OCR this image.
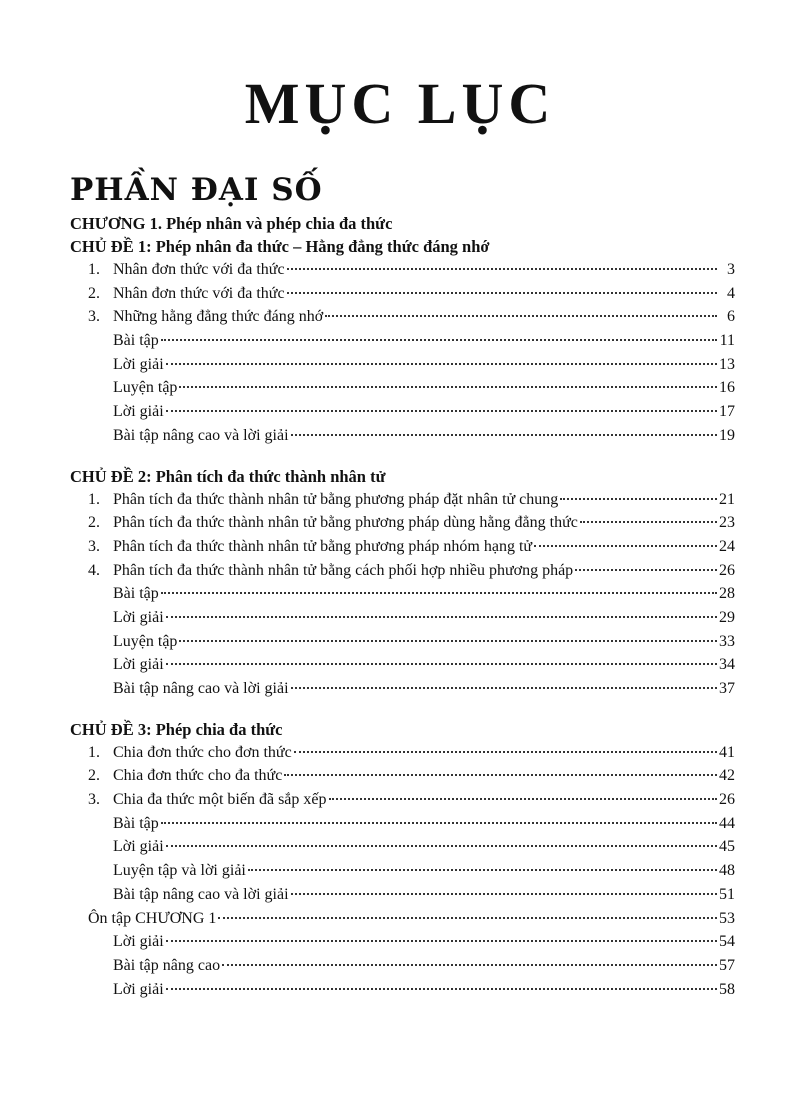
MỤC LỤC
PHẦN ĐẠI SỐ
CHƯƠNG 1. Phép nhân và phép chia đa thức
CHỦ ĐỀ 1: Phép nhân đa thức – Hằng đẳng thức đáng nhớ
1. Nhân đơn thức với đa thức	3
2. Nhân đơn thức với đa thức	4
3. Những hằng đẳng thức đáng nhớ	6
Bài tập	11
Lời giải	13
Luyện tập	16
Lời giải	17
Bài tập nâng cao và lời giải	19
CHỦ ĐỀ 2: Phân tích đa thức thành nhân tử
1. Phân tích đa thức thành nhân tử bằng phương pháp đặt nhân tử chung	21
2. Phân tích đa thức thành nhân tử bằng phương pháp dùng hằng đẳng thức	23
3. Phân tích đa thức thành nhân tử bằng phương pháp nhóm hạng tử	24
4. Phân tích đa thức thành nhân tử bằng cách phối hợp nhiều phương pháp	26
Bài tập	28
Lời giải	29
Luyện tập	33
Lời giải	34
Bài tập nâng cao và lời giải	37
CHỦ ĐỀ 3: Phép chia đa thức
1. Chia đơn thức cho đơn thức	41
2. Chia đơn thức cho đa thức	42
3. Chia đa thức một biến đã sắp xếp	26
Bài tập	44
Lời giải	45
Luyện tập và lời giải	48
Bài tập nâng cao và lời giải	51
Ôn tập CHƯƠNG 1	53
Lời giải	54
Bài tập nâng cao	57
Lời giải	58
